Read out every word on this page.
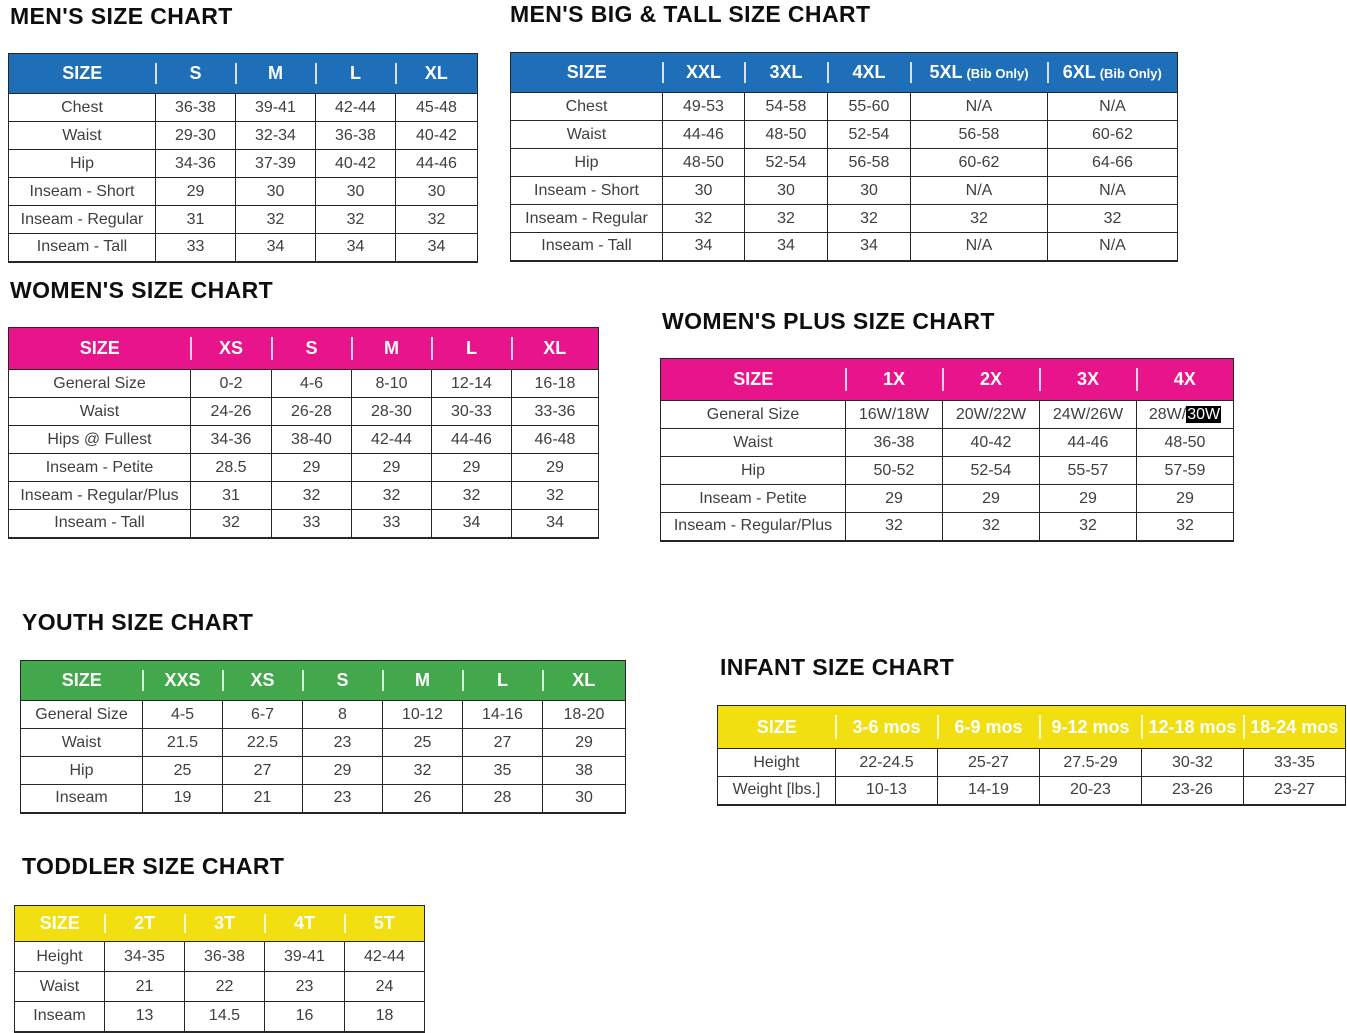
MEN'S SIZE CHART
SIZE	S	M	L	XL
Chest	36-38	39-41	42-44	45-48
Waist	29-30	32-34	36-38	40-42
Hip	34-36	37-39	40-42	44-46
Inseam - Short	29	30	30	30
Inseam - Regular	31	32	32	32
Inseam - Tall	33	34	34	34
MEN'S BIG & TALL SIZE CHART
SIZE	XXL	3XL	4XL	5XL (Bib Only)	6XL (Bib Only)
Chest	49-53	54-58	55-60	N/A	N/A
Waist	44-46	48-50	52-54	56-58	60-62
Hip	48-50	52-54	56-58	60-62	64-66
Inseam - Short	30	30	30	N/A	N/A
Inseam - Regular	32	32	32	32	32
Inseam - Tall	34	34	34	N/A	N/A
WOMEN'S SIZE CHART
SIZE	XS	S	M	L	XL
General Size	0-2	4-6	8-10	12-14	16-18
Waist	24-26	26-28	28-30	30-33	33-36
Hips @ Fullest	34-36	38-40	42-44	44-46	46-48
Inseam - Petite	28.5	29	29	29	29
Inseam - Regular/Plus	31	32	32	32	32
Inseam - Tall	32	33	33	34	34
WOMEN'S PLUS SIZE CHART
SIZE	1X	2X	3X	4X
General Size	16W/18W	20W/22W	24W/26W	28W/30W
Waist	36-38	40-42	44-46	48-50
Hip	50-52	52-54	55-57	57-59
Inseam - Petite	29	29	29	29
Inseam - Regular/Plus	32	32	32	32
YOUTH SIZE CHART
SIZE	XXS	XS	S	M	L	XL
General Size	4-5	6-7	8	10-12	14-16	18-20
Waist	21.5	22.5	23	25	27	29
Hip	25	27	29	32	35	38
Inseam	19	21	23	26	28	30
INFANT SIZE CHART
SIZE	3-6 mos	6-9 mos	9-12 mos	12-18 mos	18-24 mos
Height	22-24.5	25-27	27.5-29	30-32	33-35
Weight [lbs.]	10-13	14-19	20-23	23-26	23-27
TODDLER SIZE CHART
SIZE	2T	3T	4T	5T
Height	34-35	36-38	39-41	42-44
Waist	21	22	23	24
Inseam	13	14.5	16	18
